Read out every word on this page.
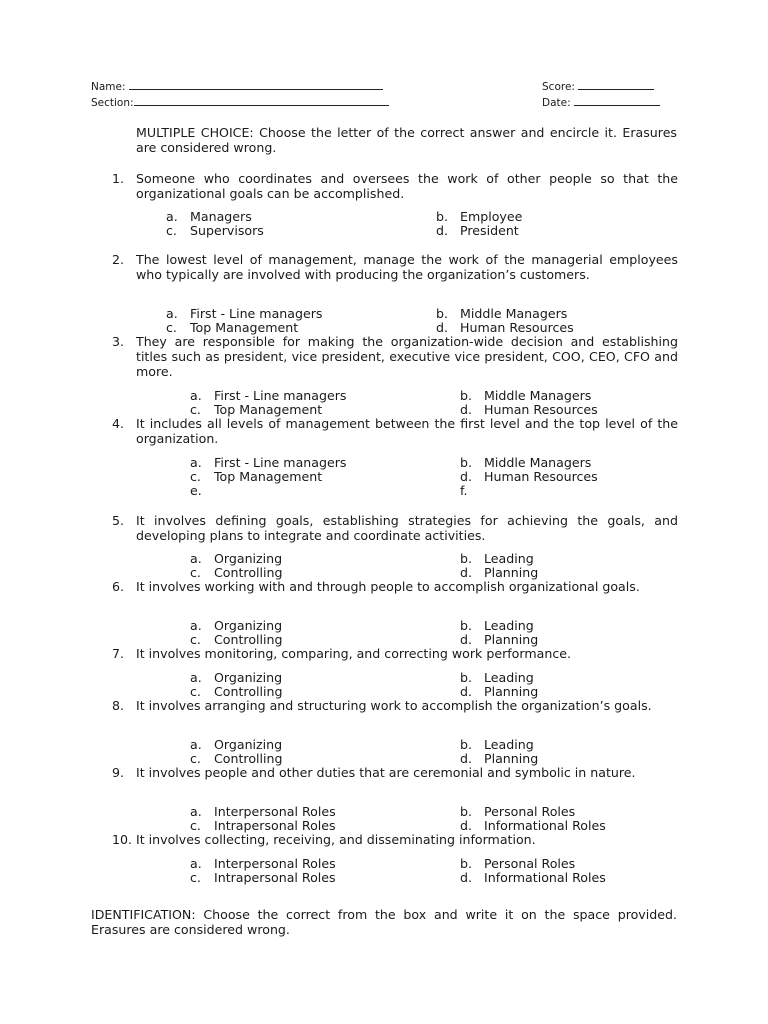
Name:
Section:
Score:
Date:
MULTIPLE CHOICE: Choose the letter of the correct answer and encircle it. Erasures are considered wrong.
1. Someone who coordinates and oversees the work of other people so that the organizational goals can be accomplished.
a. Managers	b. Employee
c. Supervisors	d. President
2. The lowest level of management, manage the work of the managerial employees who typically are involved with producing the organization’s customers.
a. First - Line managers	b. Middle Managers
c. Top Management	d. Human Resources
3. They are responsible for making the organization-wide decision and establishing titles such as president, vice president, executive vice president, COO, CEO, CFO and more.
a. First - Line managers	b. Middle Managers
c. Top Management	d. Human Resources
4. It includes all levels of management between the first level and the top level of the organization.
a. First - Line managers	b. Middle Managers
c. Top Management	d. Human Resources
e.	f.
5. It involves defining goals, establishing strategies for achieving the goals, and developing plans to integrate and coordinate activities.
a. Organizing	b. Leading
c. Controlling	d. Planning
6. It involves working with and through people to accomplish organizational goals.
a. Organizing	b. Leading
c. Controlling	d. Planning
7. It involves monitoring, comparing, and correcting work performance.
a. Organizing	b. Leading
c. Controlling	d. Planning
8. It involves arranging and structuring work to accomplish the organization’s goals.
a. Organizing	b. Leading
c. Controlling	d. Planning
9. It involves people and other duties that are ceremonial and symbolic in nature.
a. Interpersonal Roles	b. Personal Roles
c. Intrapersonal Roles	d. Informational Roles
10. It involves collecting, receiving, and disseminating information.
a. Interpersonal Roles	b. Personal Roles
c. Intrapersonal Roles	d. Informational Roles
IDENTIFICATION: Choose the correct from the box and write it on the space provided. Erasures are considered wrong.
